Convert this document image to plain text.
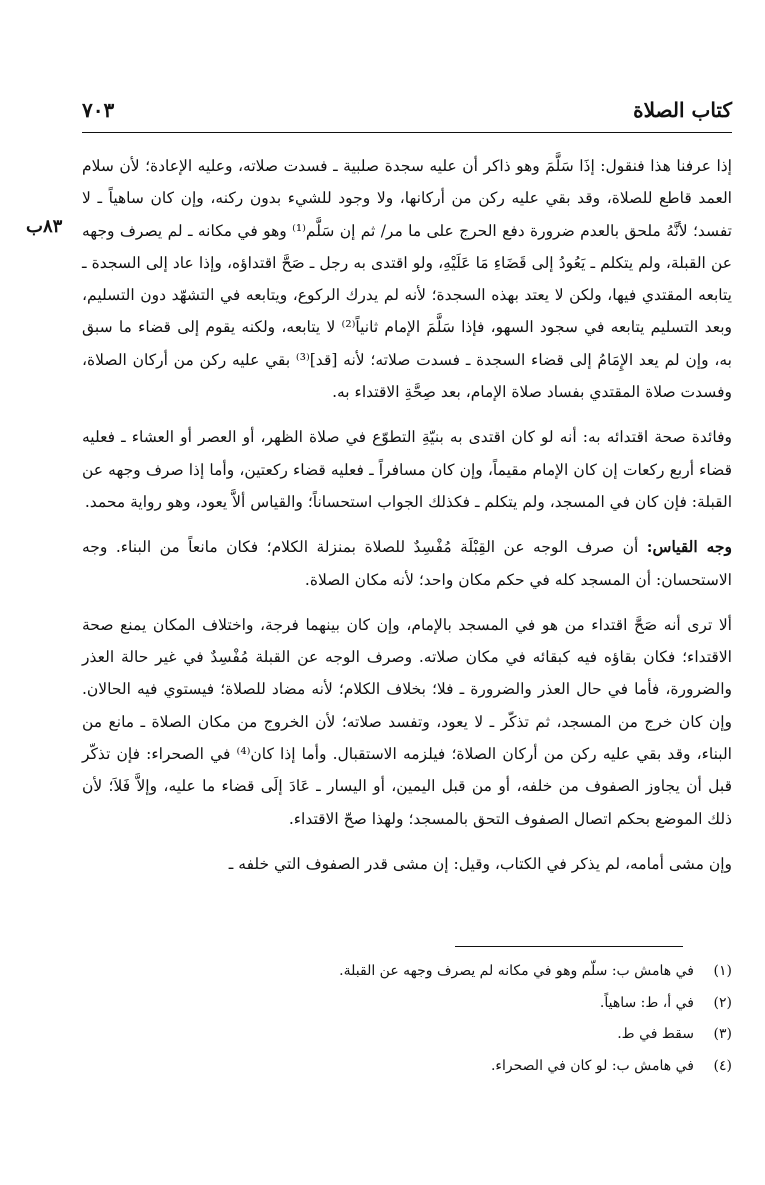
كتاب الصلاة
٧٠٣
٨٣ب

إذا عرفنا هذا فنقول: إذَا سَلَّمَ وهو ذاكر أن عليه سجدة صلبية ـ فسدت صلاته، وعليه الإعادة؛ لأن سلام العمد قاطع للصلاة، وقد بقي عليه ركن من أركانها، ولا وجود للشيء بدون ركنه، وإن كان ساهياً ـ لا تفسد؛ لأنَّهُ ملحق بالعدم ضرورة دفع الحرج على ما مر/ ثم إن سَلَّم⁽¹⁾ وهو في مكانه ـ لم يصرف وجهه عن القبلة، ولم يتكلم ـ يَعُودُ إلى قَضَاءِ مَا عَلَيْهِ، ولو اقتدى به رجل ـ صَحَّ اقتداؤه، وإذا عاد إلى السجدة ـ يتابعه المقتدي فيها، ولكن لا يعتد بهذه السجدة؛ لأنه لم يدرك الركوع، ويتابعه في التشهّد دون التسليم، وبعد التسليم يتابعه في سجود السهو، فإذا سَلَّمَ الإمام ثانياً⁽²⁾ لا يتابعه، ولكنه يقوم إلى قضاء ما سبق به، وإن لم يعد الإِمَامُ إلى قضاء السجدة ـ فسدت صلاته؛ لأنه [قد]⁽³⁾ بقي عليه ركن من أركان الصلاة، وفسدت صلاة المقتدي بفساد صلاة الإمام، بعد صِحَّةِ الاقتداء به.

وفائدة صحة اقتدائه به: أنه لو كان اقتدى به بنيّةِ التطوّع في صلاة الظهر، أو العصر أو العشاء ـ فعليه قضاء أربع ركعات إن كان الإمام مقيماً، وإن كان مسافراً ـ فعليه قضاء ركعتين، وأما إذا صرف وجهه عن القبلة: فإن كان في المسجد، ولم يتكلم ـ فكذلك الجواب استحساناً؛ والقياس ألاَّ يعود، وهو رواية محمد.

وجه القياس: أن صرف الوجه عن القِبْلَة مُفْسِدٌ للصلاة بمنزلة الكلام؛ فكان مانعاً من البناء. وجه الاستحسان: أن المسجد كله في حكم مكان واحد؛ لأنه مكان الصلاة.

ألا ترى أنه صَحَّ اقتداء من هو في المسجد بالإمام، وإن كان بينهما فرجة، واختلاف المكان يمنع صحة الاقتداء؛ فكان بقاؤه فيه كبقائه في مكان صلاته. وصرف الوجه عن القبلة مُفْسِدٌ في غير حالة العذر والضرورة، فأما في حال العذر والضرورة ـ فلا؛ بخلاف الكلام؛ لأنه مضاد للصلاة؛ فيستوي فيه الحالان. وإن كان خرج من المسجد، ثم تذكّر ـ لا يعود، وتفسد صلاته؛ لأن الخروج من مكان الصلاة ـ مانع من البناء، وقد بقي عليه ركن من أركان الصلاة؛ فيلزمه الاستقبال. وأما إذا كان⁽⁴⁾ في الصحراء: فإن تذكّر قبل أن يجاوز الصفوف من خلفه، أو من قبل اليمين، أو اليسار ـ عَادَ إلَى قضاء ما عليه، وإلاَّ فَلاَ؛ لأن ذلك الموضع بحكم اتصال الصفوف التحق بالمسجد؛ ولهذا صحّ الاقتداء.

وإن مشى أمامه، لم يذكر في الكتاب، وقيل: إن مشى قدر الصفوف التي خلفه ـ

(١)في هامش ب: سلّم وهو في مكانه لم يصرف وجهه عن القبلة.

(٢)في أ، ط: ساهياً.

(٣)سقط في ط.

(٤)في هامش ب: لو كان في الصحراء.
